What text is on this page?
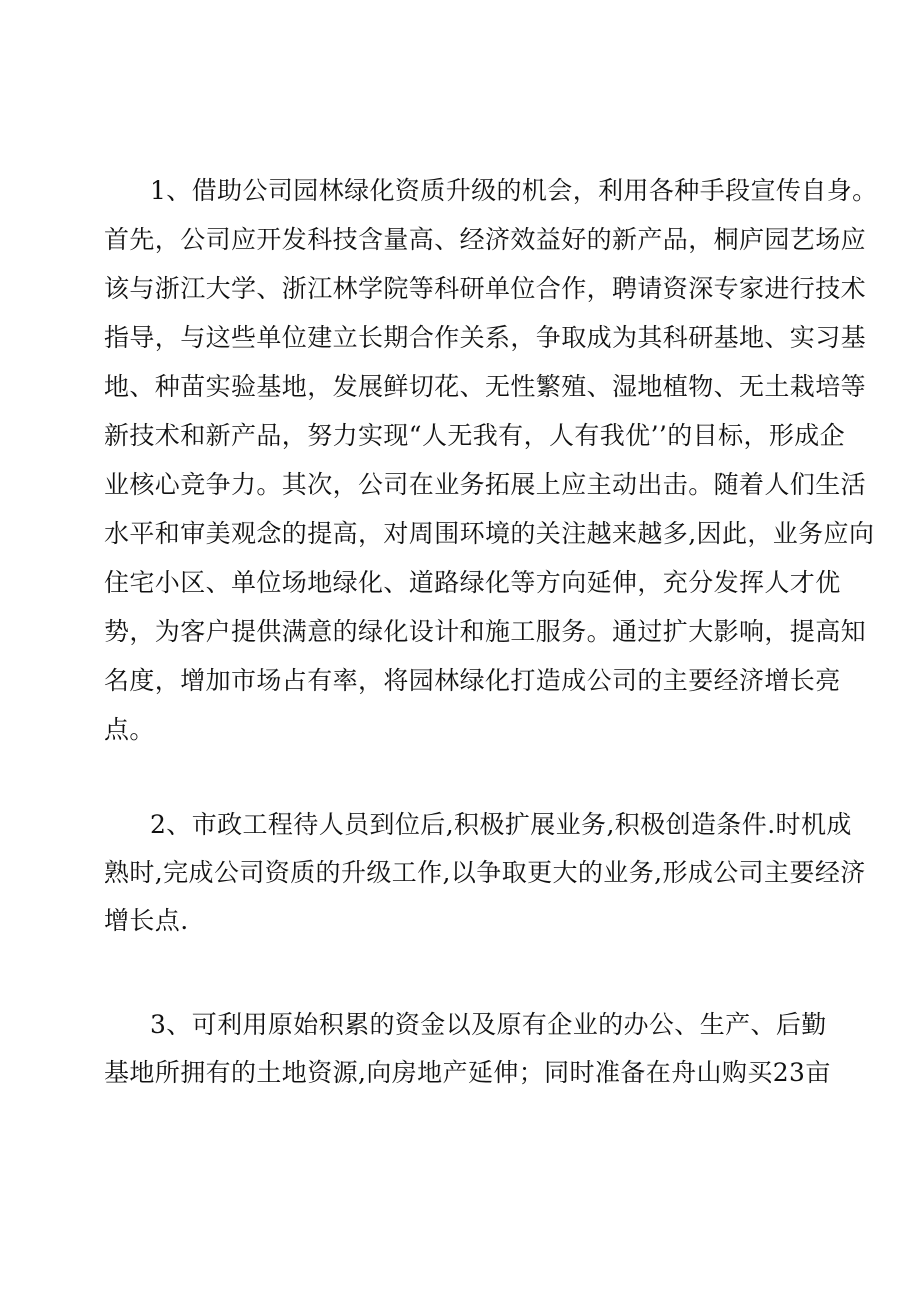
1、借助公司园林绿化资质升级的机会，利用各种手段宣传自身。
首先，公司应开发科技含量高、经济效益好的新产品，桐庐园艺场应
该与浙江大学、浙江林学院等科研单位合作，聘请资深专家进行技术
指导，与这些单位建立长期合作关系，争取成为其科研基地、实习基
地、种苗实验基地，发展鲜切花、无性繁殖、湿地植物、无土栽培等
新技术和新产品，努力实现“人无我有，人有我优’’的目标，形成企
业核心竞争力。其次，公司在业务拓展上应主动出击。随着人们生活
水平和审美观念的提高，对周围环境的关注越来越多,因此，业务应向
住宅小区、单位场地绿化、道路绿化等方向延伸，充分发挥人才优
势，为客户提供满意的绿化设计和施工服务。通过扩大影响，提高知
名度，增加市场占有率，将园林绿化打造成公司的主要经济增长亮
点。
2、市政工程待人员到位后,积极扩展业务,积极创造条件.时机成
熟时,完成公司资质的升级工作,以争取更大的业务,形成公司主要经济
增长点.
3、可利用原始积累的资金以及原有企业的办公、生产、后勤
基地所拥有的土地资源,向房地产延伸；同时准备在舟山购买23亩
